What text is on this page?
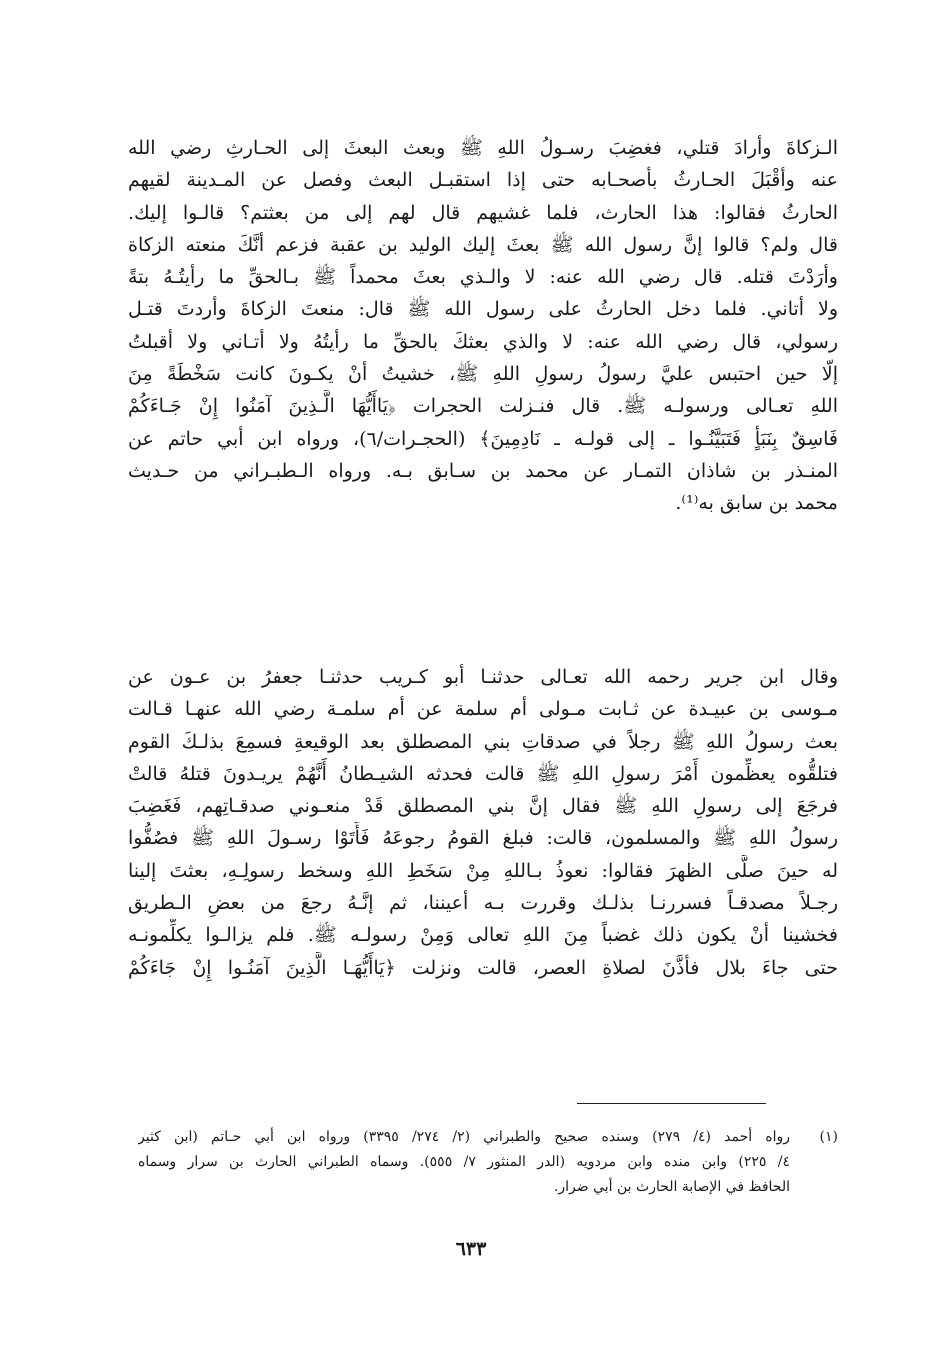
الـزكاةَ وأرادَ قتلي، فغضِبَ رسـولُ اللهِ ﷺ وبعث البعثَ إلى الحـارثِ رضي الله
عنه وأقْبَلَ الحـارثُ بأصحـابه حتى إذا استقبـل البعث وفصل عن المـدينة لقيهم
الحارثُ فقالوا: هذا الحارث، فلما غشيهم قال لهم إلى من بعثتم؟ قالـوا إليك.
قال ولم؟ قالوا إنَّ رسول الله ﷺ بعثَ إليك الوليد بن عقبة فزعم أنَّكَ منعته الزكاة
وأرَدْتَ قتله. قال رضي الله عنه: لا والـذي بعثَ محمداً ﷺ بـالحقِّ ما رأيتُـهُ بتةً
ولا أتاني. فلما دخل الحارثُ على رسول الله ﷺ قال: منعتَ الزكاةَ وأردتَ قتـل
رسولي، قال رضي الله عنه: لا والذي بعثكَ بالحقِّ ما رأيتُهُ ولا أتـاني ولا أقبلتُ
إلّا حين احتبس عليَّ رسولُ رسولِ اللهِ ﷺ، خشيتُ أنْ يكـونَ كانت سَخْطَةً مِنَ
اللهِ تعـالى ورسولـه ﷺ. قال فنـزلت الحجرات ﴿يَاأَيُّهَا الَّـذِينَ آمَنُوا إِنْ جَـاءَكُمْ
فَاسِقٌ بِنَبَأٍ فَتَبَيَّنُـوا ـ إلى قولـه ـ نَادِمِينَ﴾ (الحجـرات/٦)، ورواه ابن أبي حاتم عن
المنـذر بن شاذان التمـار عن محمد بن سـابق بـه. ورواه الـطبـراني من حـديث
محمد بن سابق به⁽¹⁾.
وقال ابن جرير رحمه الله تعـالى حدثنـا أبو كـريب حدثنـا جعفرُ بن عـون عن
مـوسى بن عبيـدة عن ثـابت مـولى أم سلمة عن أم سلمـة رضي الله عنهـا قـالت
بعث رسولُ اللهِ ﷺ رجلاً في صدقاتِ بني المصطلق بعد الوقيعةِ فسمِعَ بذلـكَ القوم
فتلقُّوه يعظِّمون أَمْرَ رسولِ اللهِ ﷺ قالت فحدثه الشيـطانُ أَنَّهُمْ يريـدونَ قتلهُ قالتْ
فرجَعَ إلى رسولِ اللهِ ﷺ فقال إنَّ بني المصطلق قَدْ منعـوني صدقـاتِهم، فَغَضِبَ
رسولُ اللهِ ﷺ والمسلمون، قالت: فبلغ القومُ رجوعَهُ فَأَتَوْا رسـولَ اللهِ ﷺ فصُفُّوا
له حينَ صلَّى الظهرَ فقالوا: نعوذُ بـاللهِ مِنْ سَخَطِ اللهِ وسخط رسولِـهِ، بعثتَ إلينا
رجـلاً مصدقـاً فسررنـا بذلـك وقررت بـه أعيننا، ثم إنَّـهُ رجعَ من بعضِ الـطريق
فخشينا أنْ يكون ذلك غضباً مِنَ اللهِ تعالى وَمِنْ رسولـه ﷺ. فلم يزالـوا يكلِّمونـه
حتى جاءَ بلال فأذَّنَ لصلاةِ العصر، قالت ونزلت ﴿يَاأَيُّهَـا الَّذِينَ آمَنُـوا إِنْ جَاءَكُمْ
(١)
رواه أحمد (٤/ ٢٧٩) وسنده صحيح والطبراني (٢/ ٢٧٤/ ٣٣٩٥) ورواه ابن أبي حـاتم (ابن كثير
٤/ ٢٢٥) وابن منده وابن مردويه (الدر المنثور ٧/ ٥٥٥). وسماه الطبراني الحارث بن سرار وسماه
الحافظ في الإصابة الحارث بن أبي ضرار.
٦٣٣
